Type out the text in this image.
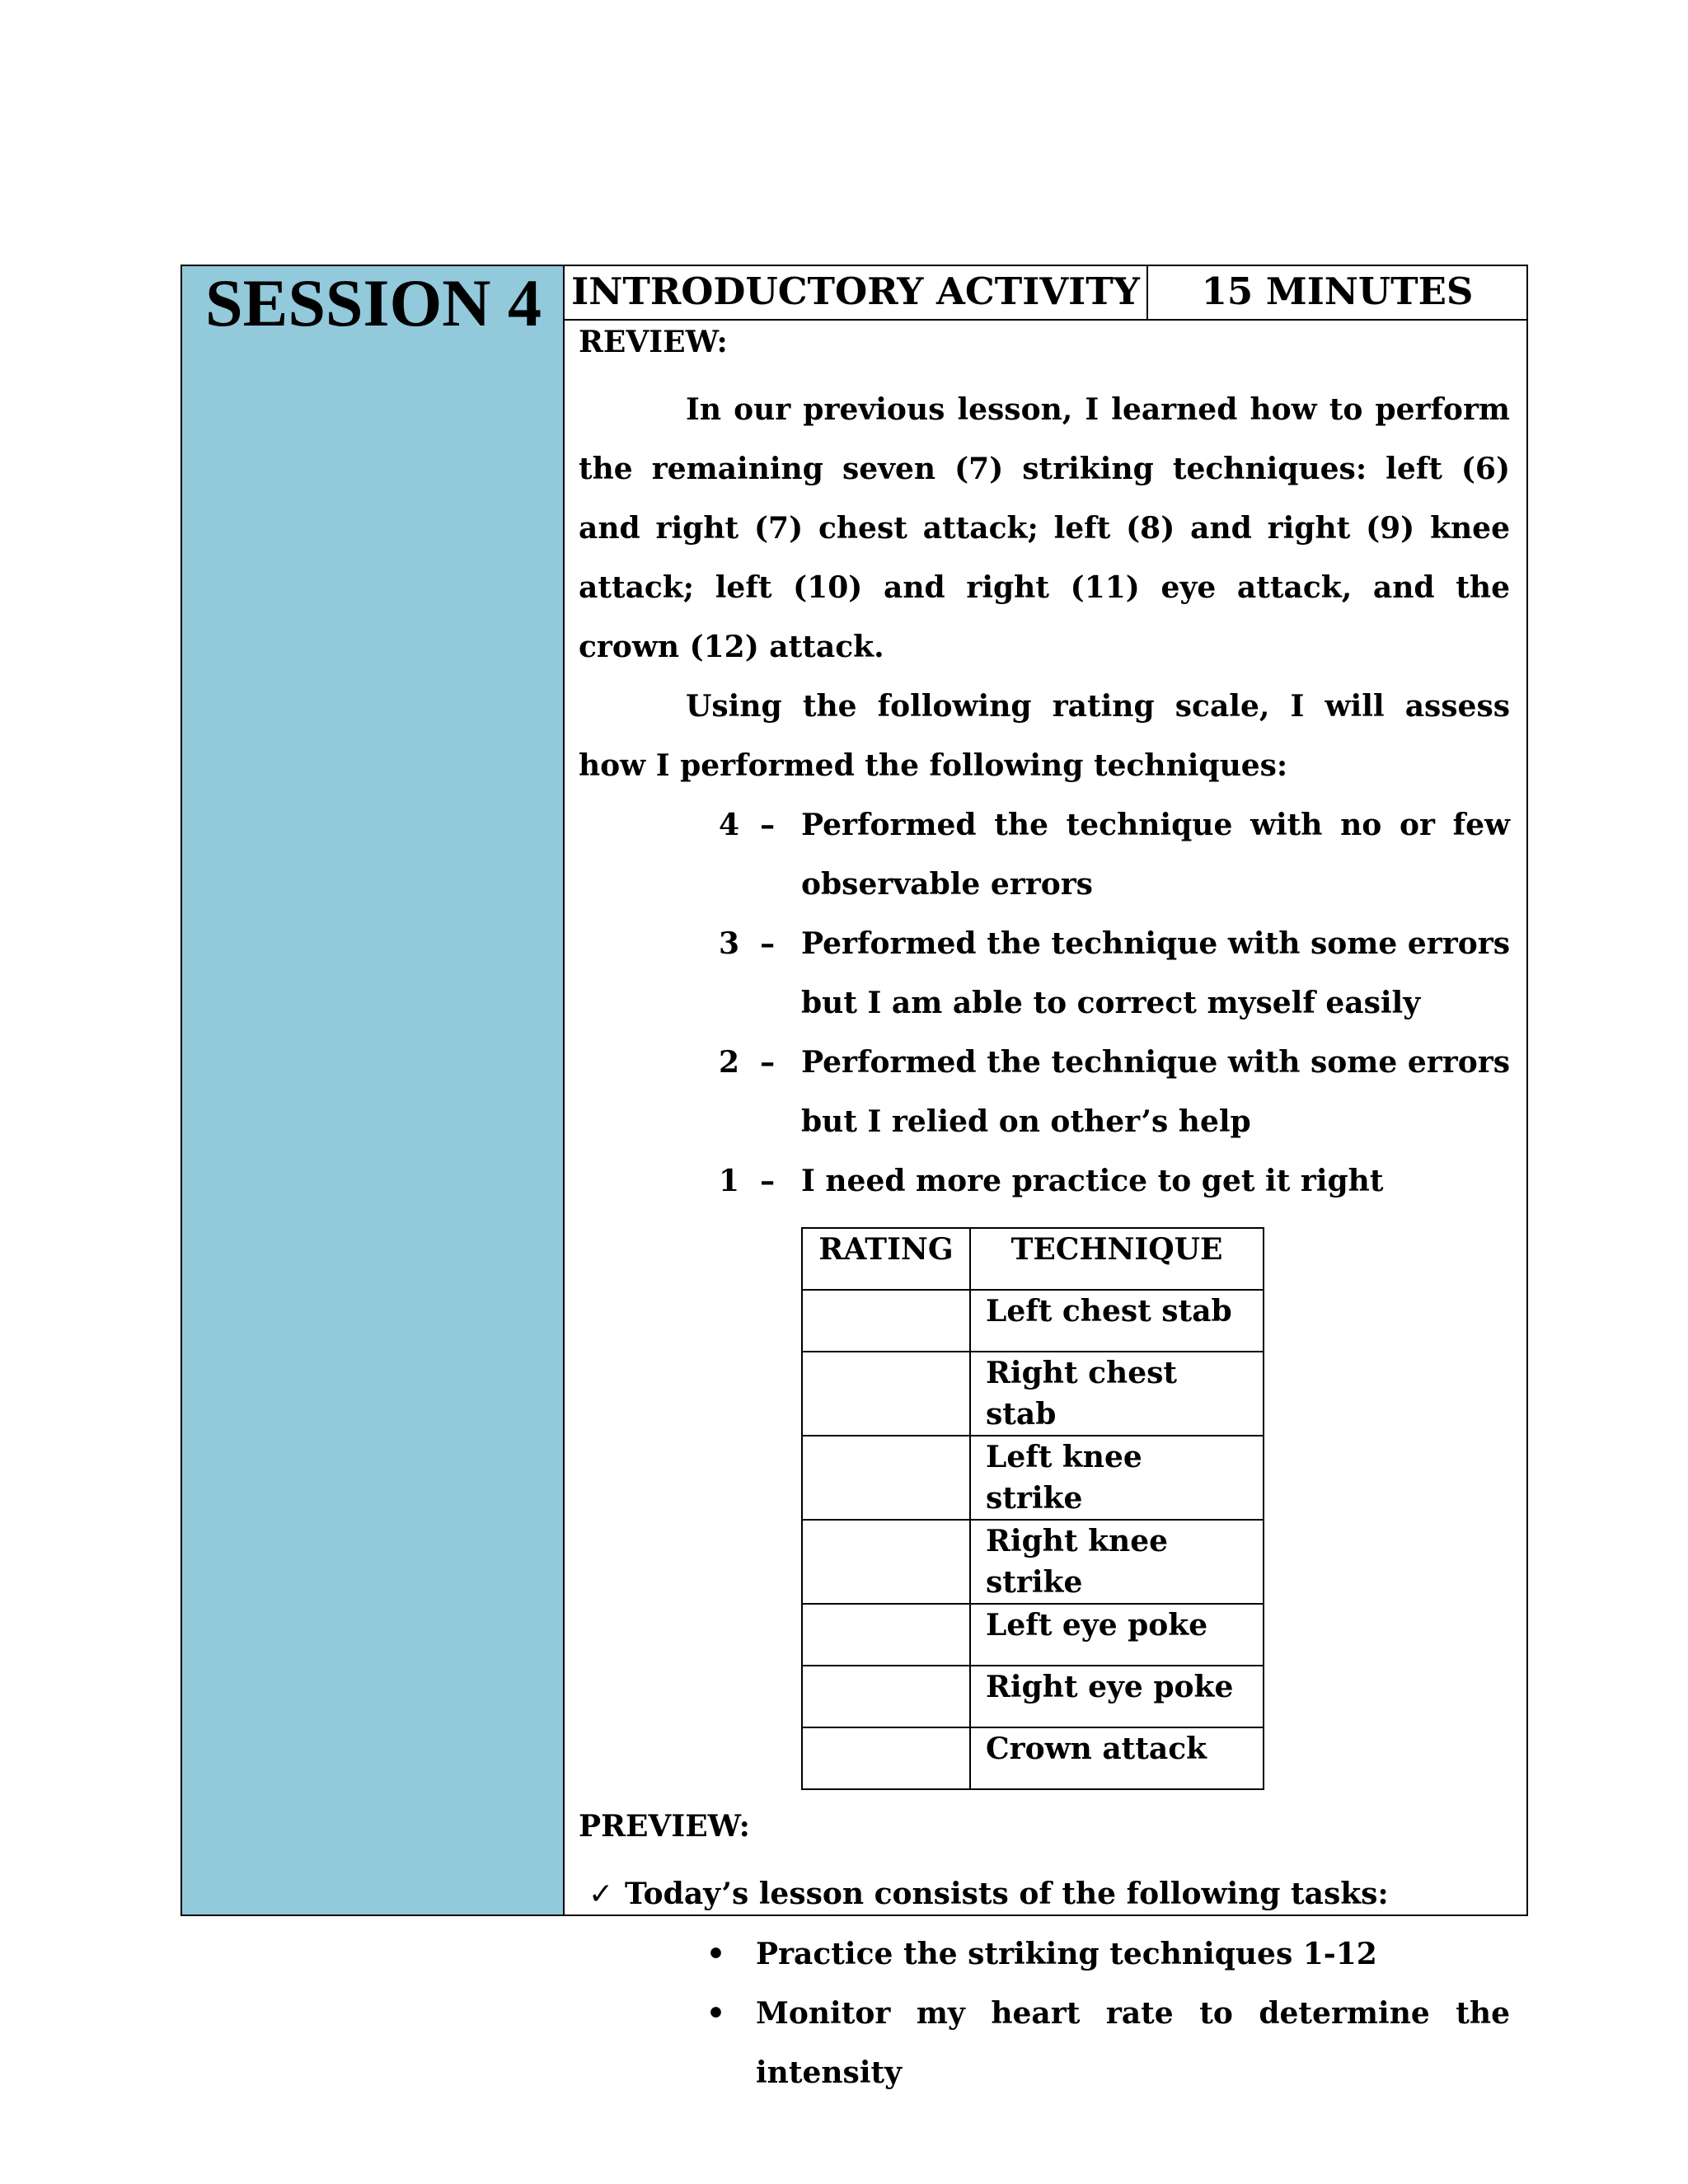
SESSION 4 INTRODUCTORY ACTIVITY	15 MINUTES
REVIEW:
In our previous lesson, I learned how to perform the remaining seven (7) striking techniques: left (6) and right (7) chest attack; left (8) and right (9) knee attack; left (10) and right (11) eye attack, and the crown (12) attack.
Using the following rating scale, I will assess how I performed the following techniques:
4  – Performed the technique with no or few observable errors
3  – Performed the technique with some errors but I am able to correct myself easily
2  – Performed the technique with some errors but I relied on other’s help
1  – I need more practice to get it right
RATING	TECHNIQUE
	Left chest stab
	Right chest stab
	Left knee strike
	Right knee strike
	Left eye poke
	Right eye poke
	Crown attack
PREVIEW:
✓ Today’s lesson consists of the following tasks:
• Practice the striking techniques 1-12
• Monitor my heart rate to determine the intensity
